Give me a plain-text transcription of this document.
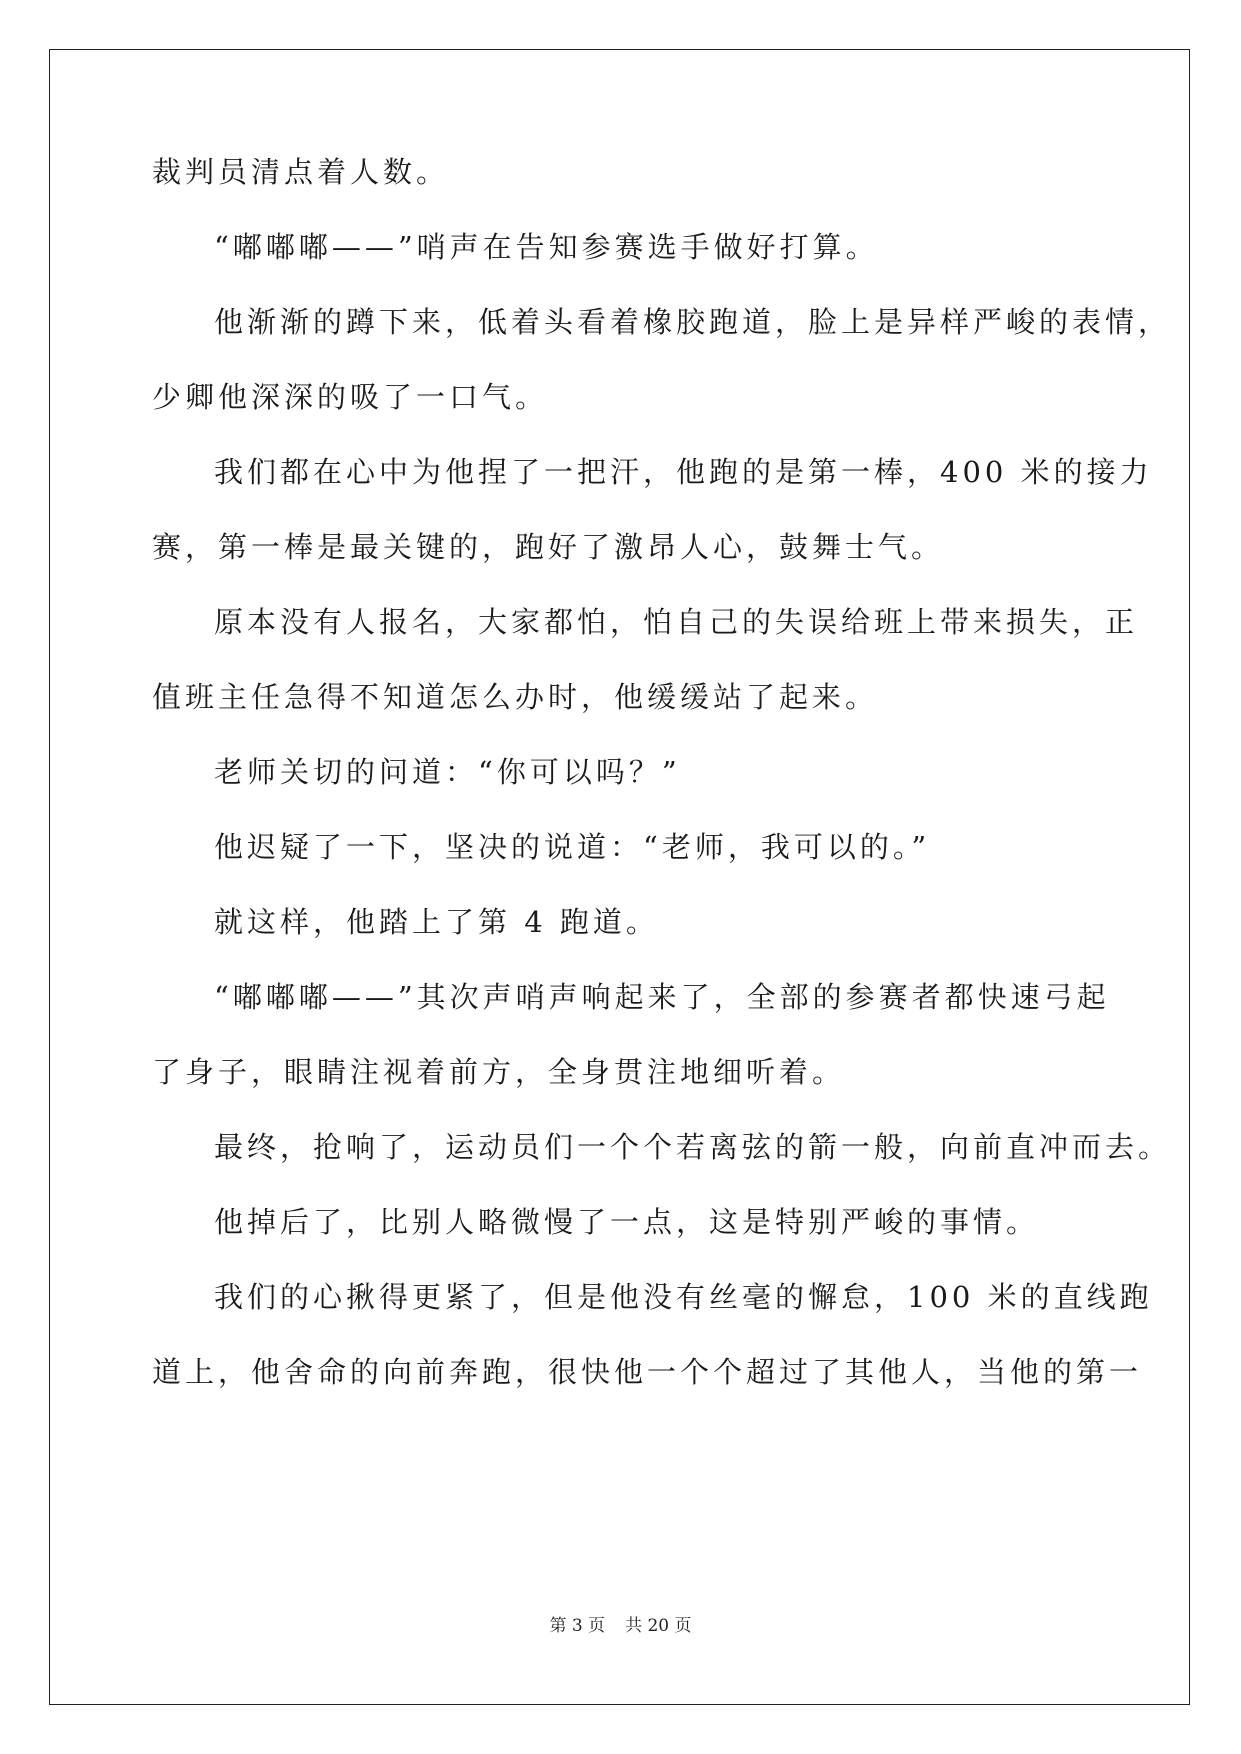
裁判员清点着人数。
“嘟嘟嘟——”哨声在告知参赛选手做好打算。
他渐渐的蹲下来，低着头看着橡胶跑道，脸上是异样严峻的表情，
少卿他深深的吸了一口气。
我们都在心中为他捏了一把汗，他跑的是第一棒，400 米的接力
赛，第一棒是最关键的，跑好了激昂人心，鼓舞士气。
原本没有人报名，大家都怕，怕自己的失误给班上带来损失，正
值班主任急得不知道怎么办时，他缓缓站了起来。
老师关切的问道：“你可以吗？”
他迟疑了一下，坚决的说道：“老师，我可以的。”
就这样，他踏上了第 4 跑道。
“嘟嘟嘟——”其次声哨声响起来了，全部的参赛者都快速弓起
了身子，眼睛注视着前方，全身贯注地细听着。
最终，抢响了，运动员们一个个若离弦的箭一般，向前直冲而去。
他掉后了，比别人略微慢了一点，这是特别严峻的事情。
我们的心揪得更紧了，但是他没有丝毫的懈怠，100 米的直线跑
道上，他舍命的向前奔跑，很快他一个个超过了其他人，当他的第一
第 3 页 共 20 页
